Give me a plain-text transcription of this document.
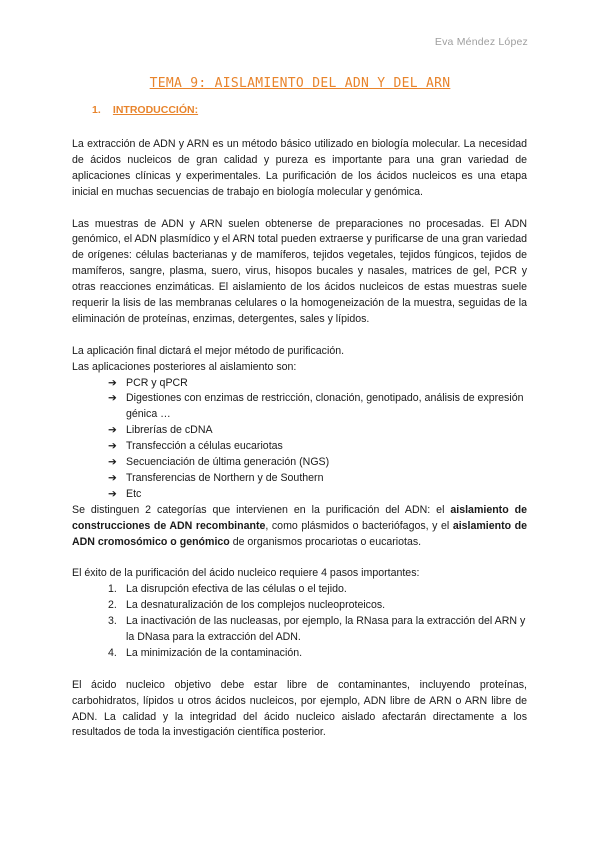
Eva Méndez López
TEMA 9: AISLAMIENTO DEL ADN Y DEL ARN
1. INTRODUCCIÓN:

La extracción de ADN y ARN es un método básico utilizado en biología molecular. La necesidad de ácidos nucleicos de gran calidad y pureza es importante para una gran variedad de aplicaciones clínicas y experimentales. La purificación de los ácidos nucleicos es una etapa inicial en muchas secuencias de trabajo en biología molecular y genómica.

Las muestras de ADN y ARN suelen obtenerse de preparaciones no procesadas. El ADN genómico, el ADN plasmídico y el ARN total pueden extraerse y purificarse de una gran variedad de orígenes: células bacterianas y de mamíferos, tejidos vegetales, tejidos fúngicos, tejidos de mamíferos, sangre, plasma, suero, virus, hisopos bucales y nasales, matrices de gel, PCR y otras reacciones enzimáticas. El aislamiento de los ácidos nucleicos de estas muestras suele requerir la lisis de las membranas celulares o la homogeneización de la muestra, seguidas de la eliminación de proteínas, enzimas, detergentes, sales y lípidos.

La aplicación final dictará el mejor método de purificación.

Las aplicaciones posteriores al aislamiento son:

➔ PCR y qPCR
➔ Digestiones con enzimas de restricción, clonación, genotipado, análisis de expresión génica …
➔ Librerías de cDNA
➔ Transfección a células eucariotas
➔ Secuenciación de última generación (NGS)
➔ Transferencias de Northern y de Southern
➔ Etc

Se distinguen 2 categorías que intervienen en la purificación del ADN: el aislamiento de construcciones de ADN recombinante, como plásmidos o bacteriófagos, y el aislamiento de ADN cromosómico o genómico de organismos procariotas o eucariotas.

El éxito de la purificación del ácido nucleico requiere 4 pasos importantes:

1. La disrupción efectiva de las células o el tejido.
2. La desnaturalización de los complejos nucleoproteicos.
3. La inactivación de las nucleasas, por ejemplo, la RNasa para la extracción del ARN y la DNasa para la extracción del ADN.
4. La minimización de la contaminación.

El ácido nucleico objetivo debe estar libre de contaminantes, incluyendo proteínas, carbohidratos, lípidos u otros ácidos nucleicos, por ejemplo, ADN libre de ARN o ARN libre de ADN. La calidad y la integridad del ácido nucleico aislado afectarán directamente a los resultados de toda la investigación científica posterior.
